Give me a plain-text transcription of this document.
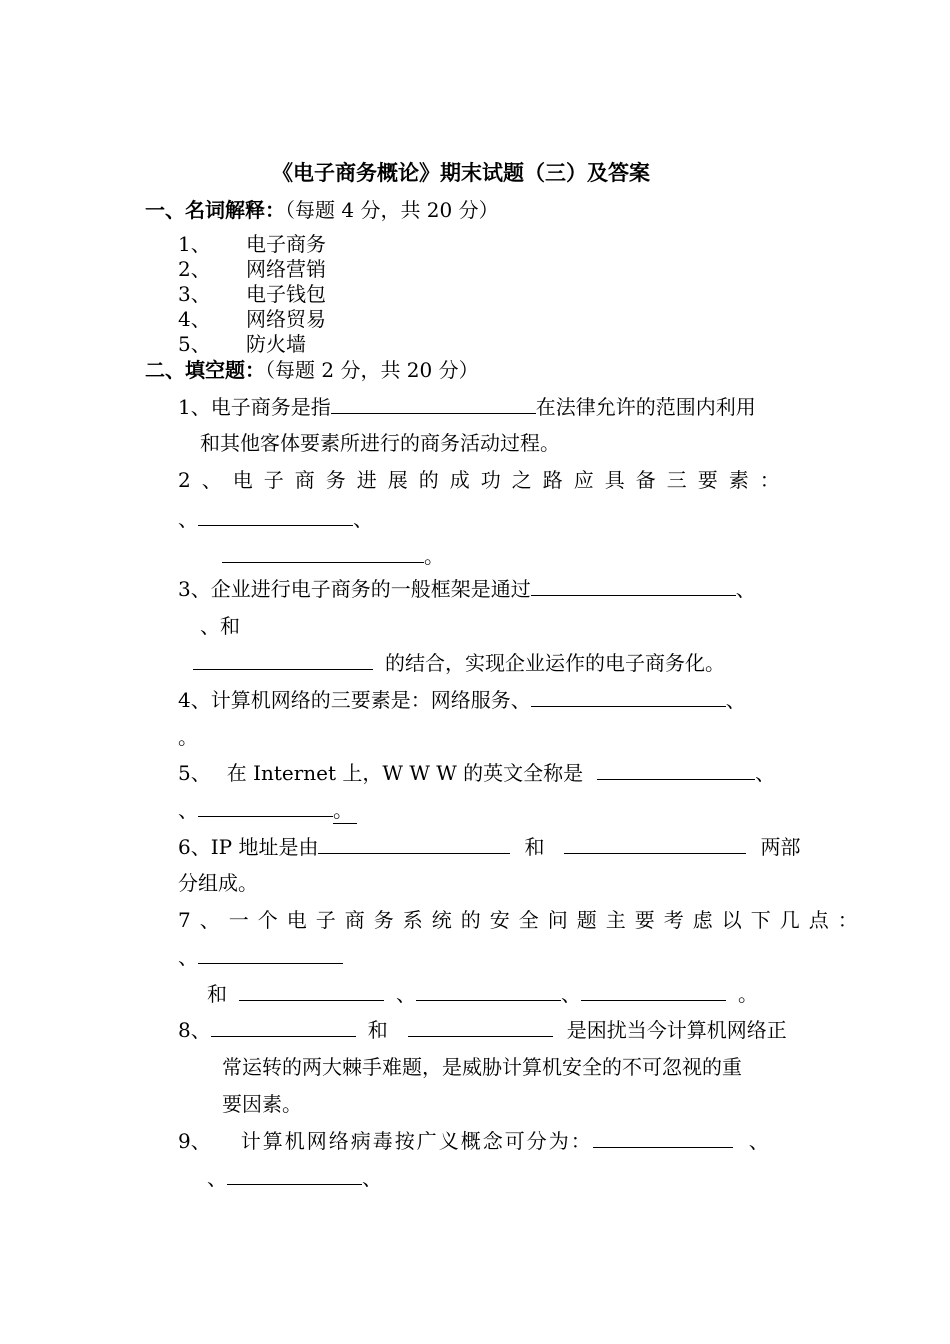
《电子商务概论》期末试题（三）及答案
一、名词解释：（每题 4 分，共 20 分）
1、 电子商务
2、 网络营销
3、 电子钱包
4、 网络贸易
5、 防火墙
二、填空题：（每题 2 分，共 20 分）
1、电子商务是指	在法律允许的范围内利用
和其他客体要素所进行的商务活动过程。
2、电子商务进展的成功之路应具备三要素：
、	、
。
3、企业进行电子商务的一般框架是通过	、
、和
的结合，实现企业运作的电子商务化。
4、计算机网络的三要素是：网络服务、	、
。
5、 在 Internet 上，W W W 的英文全称是	、
、	。
6、IP 地址是由	和	两部
分组成。
7、一个电子商务系统的安全问题主要考虑以下几点：
、
和	、	、	。
8、	和	是困扰当今计算机网络正
常运转的两大棘手难题，是威胁计算机安全的不可忽视的重
要因素。
9、 计算机网络病毒按广义概念可分为：	、
、	、
